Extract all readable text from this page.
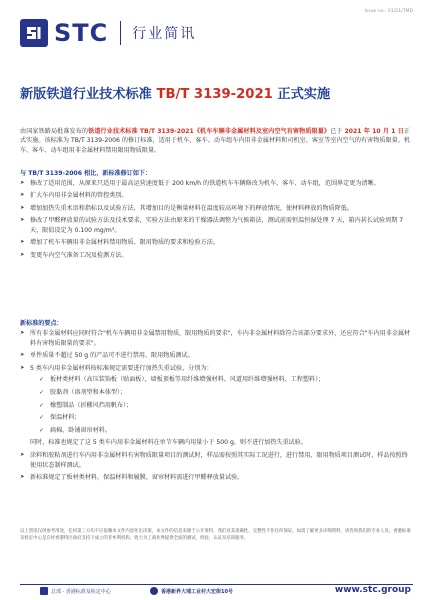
Issue no.: 01/21/TMD
STC 行业简讯
新版铁道行业技术标准 TB/T 3139-2021 正式实施
由国家铁路局批准发布的铁道行业技术标准 TB/T 3139-2021《机车车辆非金属材料及室内空气有害物质限量》已于 2021 年 10 月 1 日正式实施。该标准为 TB/T 3139-2006 的修订标准，适用于机车、客车、动车组车内用非金属材料和司机室、客室等室内空气的有害物质限量。机车、客车、动车组用非金属材料禁用限用物质限量。
与 TB/T 3139-2006 相比，新标准修订如下：
➤ 修改了适用范围，从原来只适用于最高运营速度低于 200 km/h 的铁道机车车辆修改为机车、客车、动车组，范围界定更为清晰。
➤ 扩大车内用非金属材料的管控类别。
➤ 增加加热失重术语和指标以及试验方法，其增加目的是衡量材料在温度较高环境下的释放情况，使材料释放的物质降低。
➤ 修改了甲醛释放量的试验方法及技术要求，实验方法由原来的干燥器法调整为气候箱法，测试前需恒温恒湿处理 7 天，箱内甚长试验周期 7 天，限值设定为 0.100 mg/m³。
➤ 增加了机车车辆用非金属材料禁用物质、限用物质的要求和检验方法。
➤ 变更车内空气准备工况及检测方法。
新标准的要点：
➤ 所有非金属材料应同时符合"机车车辆用非金属禁用物质，限用物质的要求"，车内非金属材料除符合该部分要求外，还应符合"车内用非金属材料有害物质限量的要求"。
➤ 单件质量不超过 50 g 的产品可不进行禁用、限用物质测试。
➤ 5 类车内用非金属材料按标准规定需要进行加热失重试验，分别为：
✓ 板材类材料（高压装饰板（贴面板）、墙板顶板等用纤维增强材料、风道用纤维增强材料、工程塑料）；
✓ 胶黏剂（溶剂型和本体型）；
✓ 橡塑制品（折棚风挡用帆布）；
✓ 保温材料；
✓ 扁棉、卧铺窗帘材料。
同时，标准也规定了这 5 类车内用非金属材料在单节车辆内用量小于 500 g，则不进行加热失重试验。
➤ 涂料和胶粘剂进行车内用非金属材料有害物质限量项目的测试时，样品需按照其实际工况进行，进行禁用、限用物质项目测试时，样品按照终使用状态制样测试。
➤ 新标准规定了板材类材料，保温材料和履膜、窗帘材料需进行甲醛释放量试验。
以上资讯仅供参考用途，任何第三方均不应依赖本文件内容作出决策，本文件的信息来源于公开资料，我们对其准确性、完整性不作任何保证。如需了解更多详细资料，请咨询我们的专业人员。香港标准及检定中心是在经香港特区政府支持下成立的非牟利机构，致力为工商业界提供全面的测试、检验、认证及培训服务。
总部 · 香港标准及检定中心	香港新界大埔工业村大宏街10号	www.stc.group
